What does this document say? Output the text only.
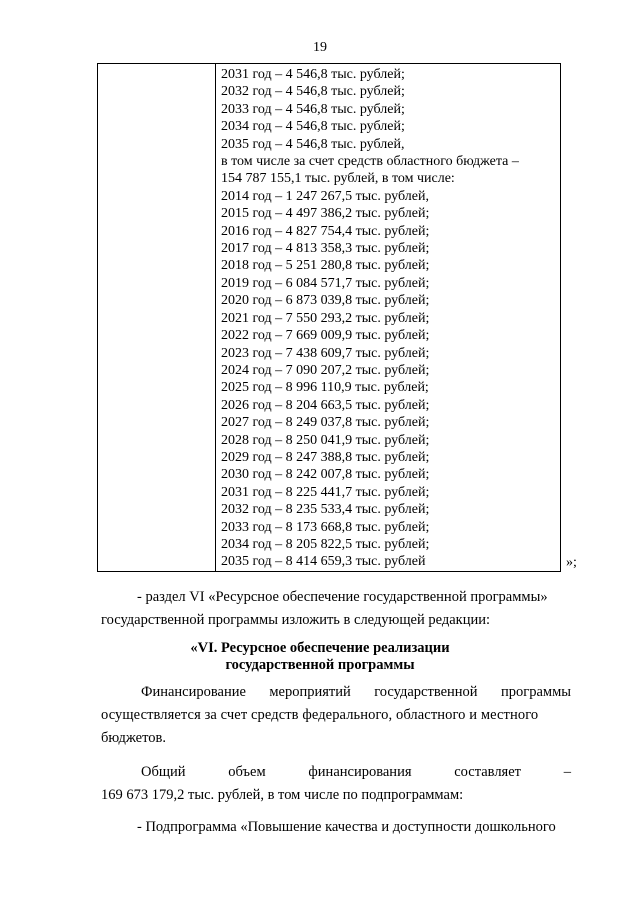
19
2031 год – 4 546,8 тыс. рублей;
2032 год – 4 546,8 тыс. рублей;
2033 год – 4 546,8 тыс. рублей;
2034 год – 4 546,8 тыс. рублей;
2035 год – 4 546,8 тыс. рублей,
в том числе за счет средств областного бюджета –
154 787 155,1 тыс. рублей, в том числе:
2014 год – 1 247 267,5 тыс. рублей,
2015 год – 4 497 386,2 тыс. рублей;
2016 год – 4 827 754,4 тыс. рублей;
2017 год – 4 813 358,3 тыс. рублей;
2018 год – 5 251 280,8 тыс. рублей;
2019 год – 6 084 571,7 тыс. рублей;
2020 год – 6 873 039,8 тыс. рублей;
2021 год – 7 550 293,2 тыс. рублей;
2022 год – 7 669 009,9 тыс. рублей;
2023 год – 7 438 609,7 тыс. рублей;
2024 год – 7 090 207,2 тыс. рублей;
2025 год – 8 996 110,9 тыс. рублей;
2026 год – 8 204 663,5 тыс. рублей;
2027 год – 8 249 037,8 тыс. рублей;
2028 год – 8 250 041,9 тыс. рублей;
2029 год – 8 247 388,8 тыс. рублей;
2030 год – 8 242 007,8 тыс. рублей;
2031 год – 8 225 441,7 тыс. рублей;
2032 год – 8 235 533,4 тыс. рублей;
2033 год – 8 173 668,8 тыс. рублей;
2034 год – 8 205 822,5 тыс. рублей;
2035 год – 8 414 659,3 тыс. рублей	»;
- раздел VI «Ресурсное обеспечение государственной программы»
государственной программы изложить в следующей редакции:
«VI. Ресурсное обеспечение реализации
государственной программы
Финансирование мероприятий государственной программы
осуществляется за счет средств федерального, областного и местного
бюджетов.
Общий	объем	финансирования	составляет	–
169 673 179,2 тыс. рублей, в том числе по подпрограммам:
- Подпрограмма «Повышение качества и доступности дошкольного
